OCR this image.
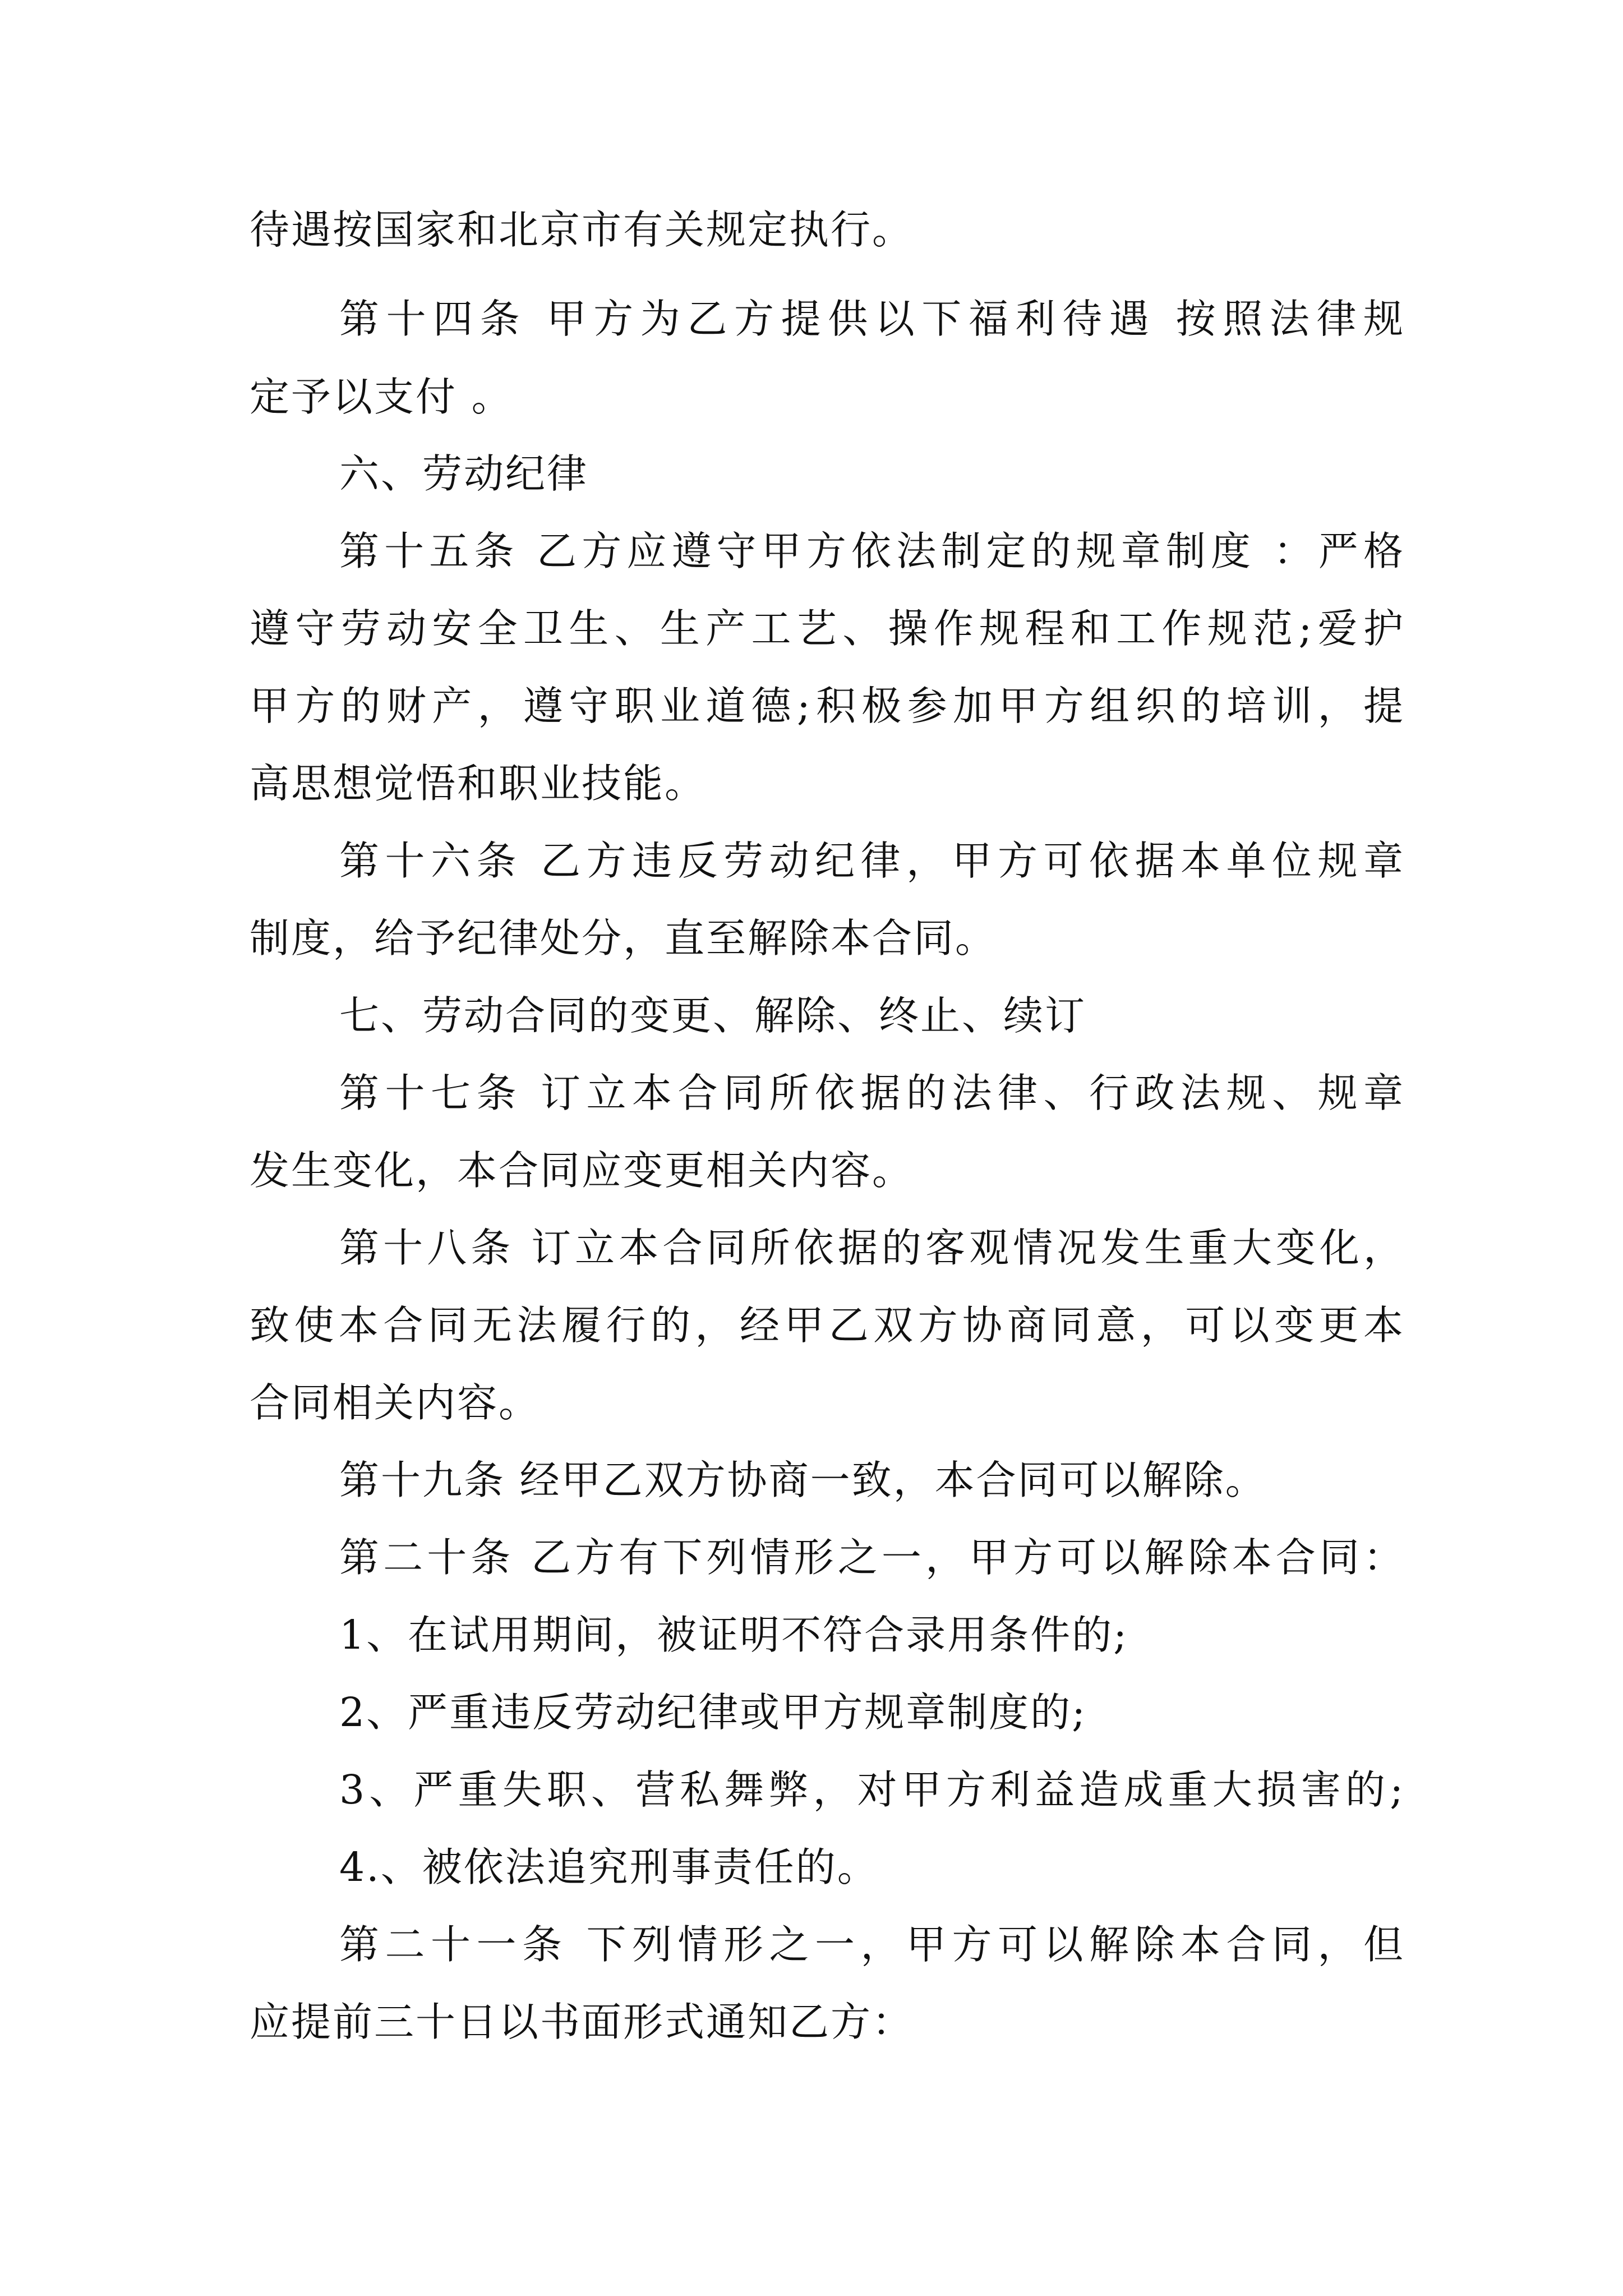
待遇按国家和北京市有关规定执行。
第十四条 甲方为乙方提供以下福利待遇 按照法律规
定予以支付 。
六、劳动纪律
第十五条 乙方应遵守甲方依法制定的规章制度 ：严格
遵守劳动安全卫生、生产工艺、操作规程和工作规范;爱护
甲方的财产，遵守职业道德;积极参加甲方组织的培训，提
高思想觉悟和职业技能。
第十六条 乙方违反劳动纪律，甲方可依据本单位规章
制度，给予纪律处分，直至解除本合同。
七、劳动合同的变更、解除、终止、续订
第十七条 订立本合同所依据的法律、行政法规、规章
发生变化，本合同应变更相关内容。
第十八条 订立本合同所依据的客观情况发生重大变化，
致使本合同无法履行的，经甲乙双方协商同意，可以变更本
合同相关内容。
第十九条 经甲乙双方协商一致，本合同可以解除。
第二十条 乙方有下列情形之一，甲方可以解除本合同：
1、在试用期间，被证明不符合录用条件的;
2、严重违反劳动纪律或甲方规章制度的;
3、严重失职、营私舞弊，对甲方利益造成重大损害的;
4.、被依法追究刑事责任的。
第二十一条 下列情形之一，甲方可以解除本合同，但
应提前三十日以书面形式通知乙方：
